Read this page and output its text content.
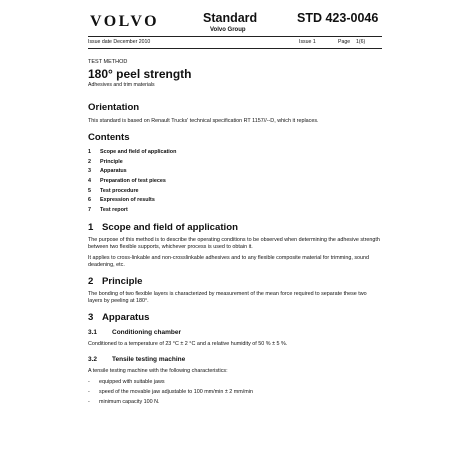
VOLVO	Standard
Volvo Group
STD 423-0046
Issue date December 2010	Issue 1	Page 1(6)

TEST METHOD

180° peel strength
Adhesives and trim materials
Orientation

This standard is based on Renault Trucks' technical specification RT 1157//--D, which it replaces.

Contents
1	Scope and field of application
2	Principle
3	Apparatus
4	Preparation of test pieces
5	Test procedure
6	Expression of results
7	Test report
1 Scope and field of application

The purpose of this method is to describe the operating conditions to be observed when determining the adhesive strength between two flexible supports, whichever process is used to obtain it.

It applies to cross-linkable and non-crosslinkable adhesives and to any flexible composite material for trimming, sound deadening, etc.

2 Principle

The bonding of two flexible layers is characterized by measurement of the mean force required to separate these two layers by peeling at 180°.

3 Apparatus
3.1	Conditioning chamber

Conditioned to a temperature of 23 °C ± 2 °C and a relative humidity of 50 % ± 5 %.

3.2	Tensile testing machine

A tensile testing machine with the following characteristics:

-	equipped with suitable jaws
-	speed of the movable jaw adjustable to 100 mm/min ± 2 mm/min
-	minimum capacity 100 N.
